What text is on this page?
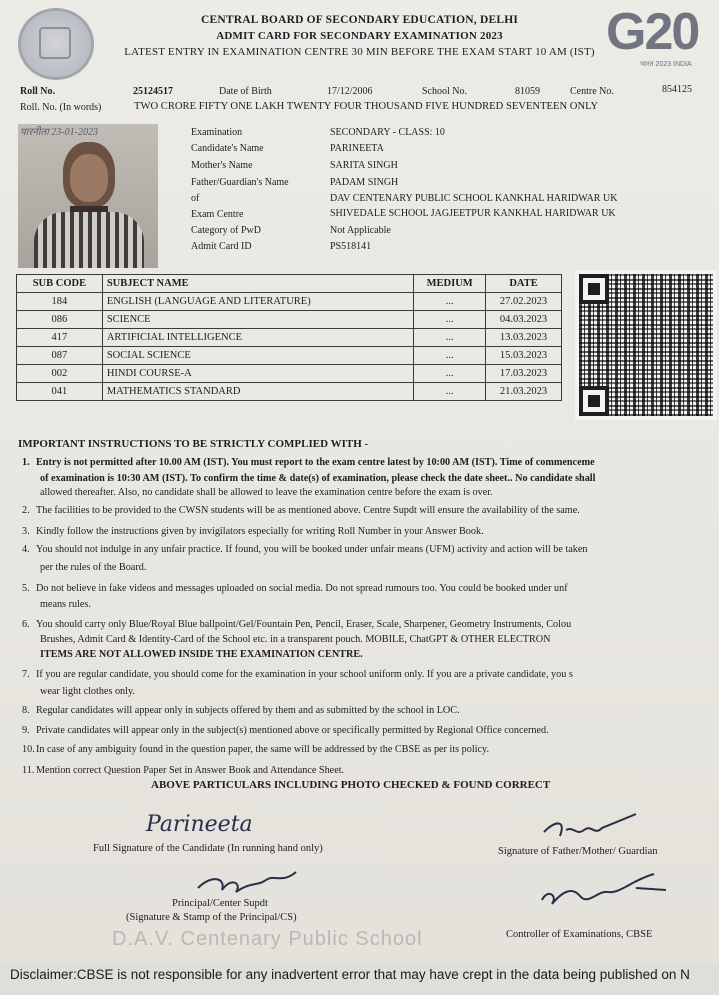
CENTRAL BOARD OF SECONDARY EDUCATION, DELHI
ADMIT CARD FOR SECONDARY EXAMINATION 2023
LATEST ENTRY IN EXAMINATION CENTRE 30 MIN BEFORE THE EXAM START 10 AM (IST) G20
भारत 2023 INDIA
Roll No.	25124517	Date of Birth	17/12/2006	School No.	81059	Centre No.	854125
Roll. No. (In words)	TWO CRORE FIFTY ONE LAKH TWENTY FOUR THOUSAND FIVE HUNDRED SEVENTEEN ONLY
पारनीता 23-01-2023	Examination	SECONDARY - CLASS: 10
Candidate's Name	PARINEETA
Mother's Name	SARITA SINGH
Father/Guardian's Name	PADAM SINGH
of	DAV CENTENARY PUBLIC SCHOOL KANKHAL HARIDWAR UK
Exam Centre	SHIVEDALE SCHOOL JAGJEETPUR KANKHAL HARIDWAR UK
Category of PwD	Not Applicable
Admit Card ID	PS518141
SUB CODE	SUBJECT NAME	MEDIUM	DATE
184	ENGLISH (LANGUAGE AND LITERATURE)	...	27.02.2023
086	SCIENCE	...	04.03.2023
417	ARTIFICIAL INTELLIGENCE	...	13.03.2023
087	SOCIAL SCIENCE	...	15.03.2023
002	HINDI COURSE-A	...	17.03.2023
041	MATHEMATICS STANDARD	...	21.03.2023
IMPORTANT INSTRUCTIONS TO BE STRICTLY COMPLIED WITH -
1. Entry is not permitted after 10.00 AM (IST). You must report to the exam centre latest by 10:00 AM (IST). Time of commenceme
of examination is 10:30 AM (IST). To confirm the time & date(s) of examination, please check the date sheet.. No candidate shall
allowed thereafter. Also, no candidate shall be allowed to leave the examination centre before the exam is over.
2. The facilities to be provided to the CWSN students will be as mentioned above. Centre Supdt will ensure the availability of the same.
3. Kindly follow the instructions given by invigilators especially for writing Roll Number in your Answer Book.
4. You should not indulge in any unfair practice. If found, you will be booked under unfair means (UFM) activity and action will be taken
per the rules of the Board.
5. Do not believe in fake videos and messages uploaded on social media. Do not spread rumours too. You could be booked under unf
means rules.
6. You should carry only Blue/Royal Blue ballpoint/Gel/Fountain Pen, Pencil, Eraser, Scale, Sharpener, Geometry Instruments, Colou
Brushes, Admit Card & Identity-Card of the School etc. in a transparent pouch. MOBILE, ChatGPT & OTHER ELECTRON
ITEMS ARE NOT ALLOWED INSIDE THE EXAMINATION CENTRE.
7. If you are regular candidate, you should come for the examination in your school uniform only. If you are a private candidate, you s
wear light clothes only.
8. Regular candidates will appear only in subjects offered by them and as submitted by the school in LOC.
9. Private candidates will appear only in the subject(s) mentioned above or specifically permitted by Regional Office concerned.
10.In case of any ambiguity found in the question paper, the same will be addressed by the CBSE as per its policy.
11. Mention correct Question Paper Set in Answer Book and Attendance Sheet.
ABOVE PARTICULARS INCLUDING PHOTO CHECKED & FOUND CORRECT
Parineeta
Full Signature of the Candidate (In running hand only)	Signature of Father/Mother/ Guardian
Principal/Center Supdt
(Signature & Stamp of the Principal/CS)
Controller of Examinations, CBSE
D.A.V. Centenary Public School
Disclaimer:CBSE is not responsible for any inadvertent error that may have crept in the data being published on N
